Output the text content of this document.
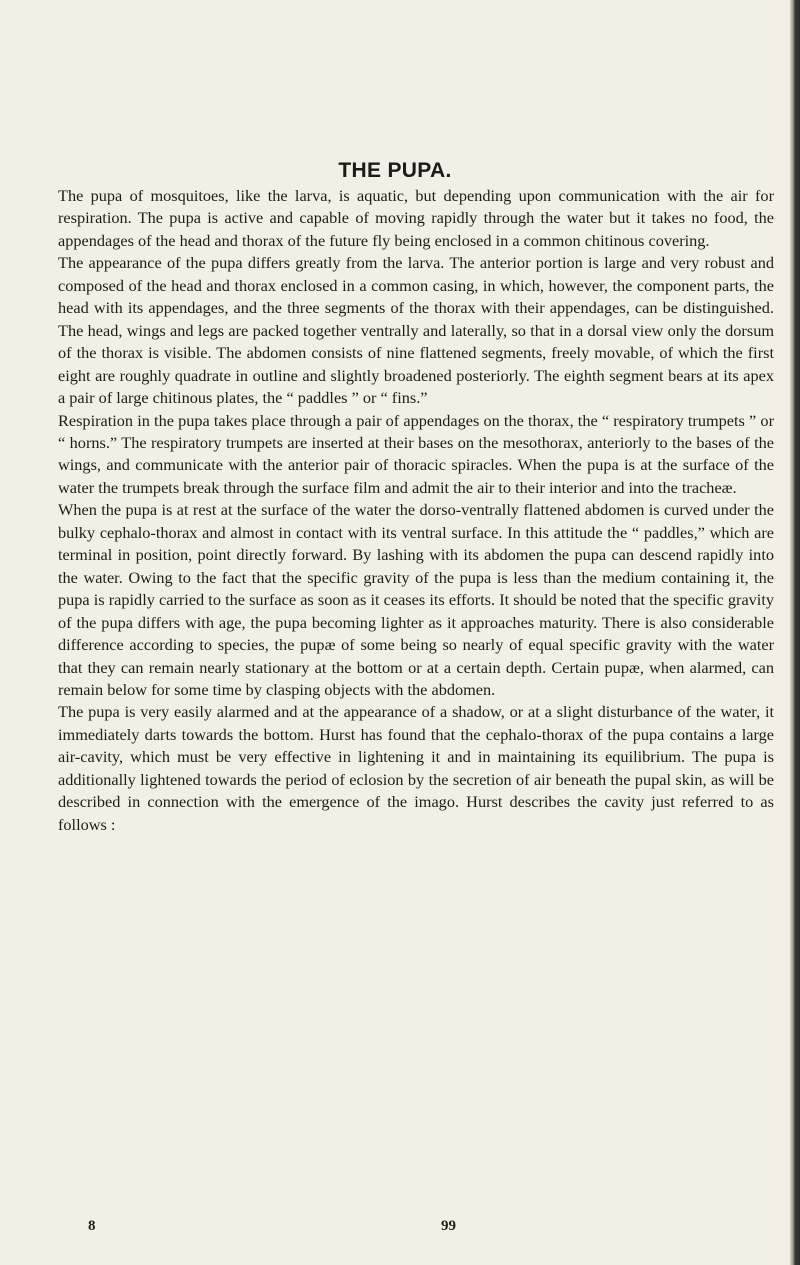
THE PUPA.

The pupa of mosquitoes, like the larva, is aquatic, but depending upon communication with the air for respiration. The pupa is active and capable of moving rapidly through the water but it takes no food, the appendages of the head and thorax of the future fly being enclosed in a common chitinous covering.

The appearance of the pupa differs greatly from the larva. The anterior portion is large and very robust and composed of the head and thorax enclosed in a common casing, in which, however, the component parts, the head with its appendages, and the three segments of the thorax with their appendages, can be distinguished. The head, wings and legs are packed together ventrally and laterally, so that in a dorsal view only the dorsum of the thorax is visible. The abdomen consists of nine flattened segments, freely movable, of which the first eight are roughly quadrate in outline and slightly broadened posteriorly. The eighth segment bears at its apex a pair of large chitinous plates, the “ paddles ” or “ fins.”

Respiration in the pupa takes place through a pair of appendages on the thorax, the “ respiratory trumpets ” or “ horns.” The respiratory trumpets are inserted at their bases on the mesothorax, anteriorly to the bases of the wings, and communicate with the anterior pair of thoracic spiracles. When the pupa is at the surface of the water the trumpets break through the surface film and admit the air to their interior and into the tracheæ.

When the pupa is at rest at the surface of the water the dorso-ventrally flattened abdomen is curved under the bulky cephalo-thorax and almost in contact with its ventral surface. In this attitude the “ paddles,” which are terminal in position, point directly forward. By lashing with its abdomen the pupa can descend rapidly into the water. Owing to the fact that the specific gravity of the pupa is less than the medium containing it, the pupa is rapidly carried to the surface as soon as it ceases its efforts. It should be noted that the specific gravity of the pupa differs with age, the pupa becoming lighter as it approaches maturity. There is also considerable difference according to species, the pupæ of some being so nearly of equal specific gravity with the water that they can remain nearly stationary at the bottom or at a certain depth. Certain pupæ, when alarmed, can remain below for some time by clasping objects with the abdomen.

The pupa is very easily alarmed and at the appearance of a shadow, or at a slight disturbance of the water, it immediately darts towards the bottom. Hurst has found that the cephalo-thorax of the pupa contains a large air-cavity, which must be very effective in lightening it and in maintaining its equilibrium. The pupa is additionally lightened towards the period of eclosion by the secretion of air beneath the pupal skin, as will be described in connection with the emergence of the imago. Hurst describes the cavity just referred to as follows :

8	99
